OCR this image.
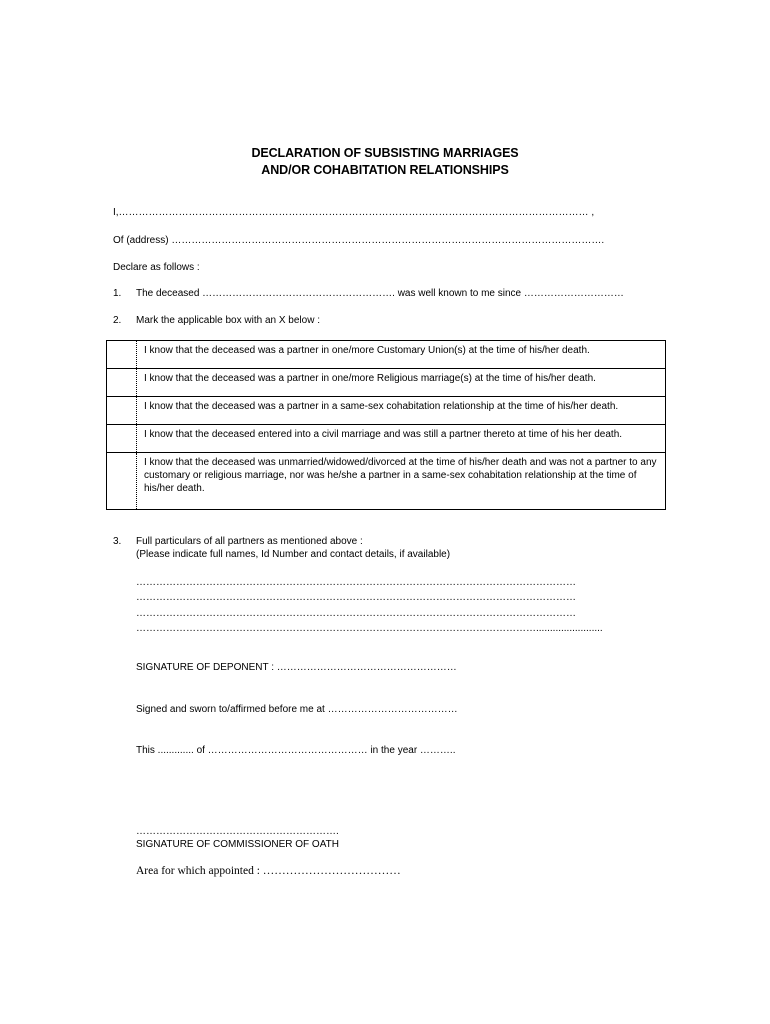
DECLARATION OF SUBSISTING MARRIAGES
AND/OR COHABITATION RELATIONSHIPS
I,…………………………………………………………………………………………………………………………… ,
Of (address) ………………………………………………………………………………………………………………….
Declare as follows :
1. The deceased …………………………………………………. was well known to me since …………………………
2. Mark the applicable box with an X below :
I know that the deceased was a partner in one/more Customary Union(s) at the time of his/her death.
I know that the deceased was a partner in one/more Religious marriage(s) at the time of his/her death.
I know that the deceased was a partner in a same-sex cohabitation relationship at the time of his/her death.
I know that the deceased entered into a civil marriage and was still a partner thereto at time of his her death.
I know that the deceased was unmarried/widowed/divorced at the time of his/her death and was not a partner to any customary or religious marriage, nor was he/she a partner in a same-sex cohabitation relationship at the time of his/her death.
3. Full particulars of all partners as mentioned above :
(Please indicate full names, Id Number and contact details, if available)
……………………………………………………………………………………………………………………
……………………………………………………………………………………………………………………
……………………………………………………………………………………………………………………
…………………………………………………………………………………………………………........................
SIGNATURE OF DEPONENT : ………………………………………………
Signed and sworn to/affirmed before me at …………………………………
This ............. of ………………………………………… in the year ………..
…………………………………………………….
SIGNATURE OF COMMISSIONER OF OATH
Area for which appointed : ………………………………
